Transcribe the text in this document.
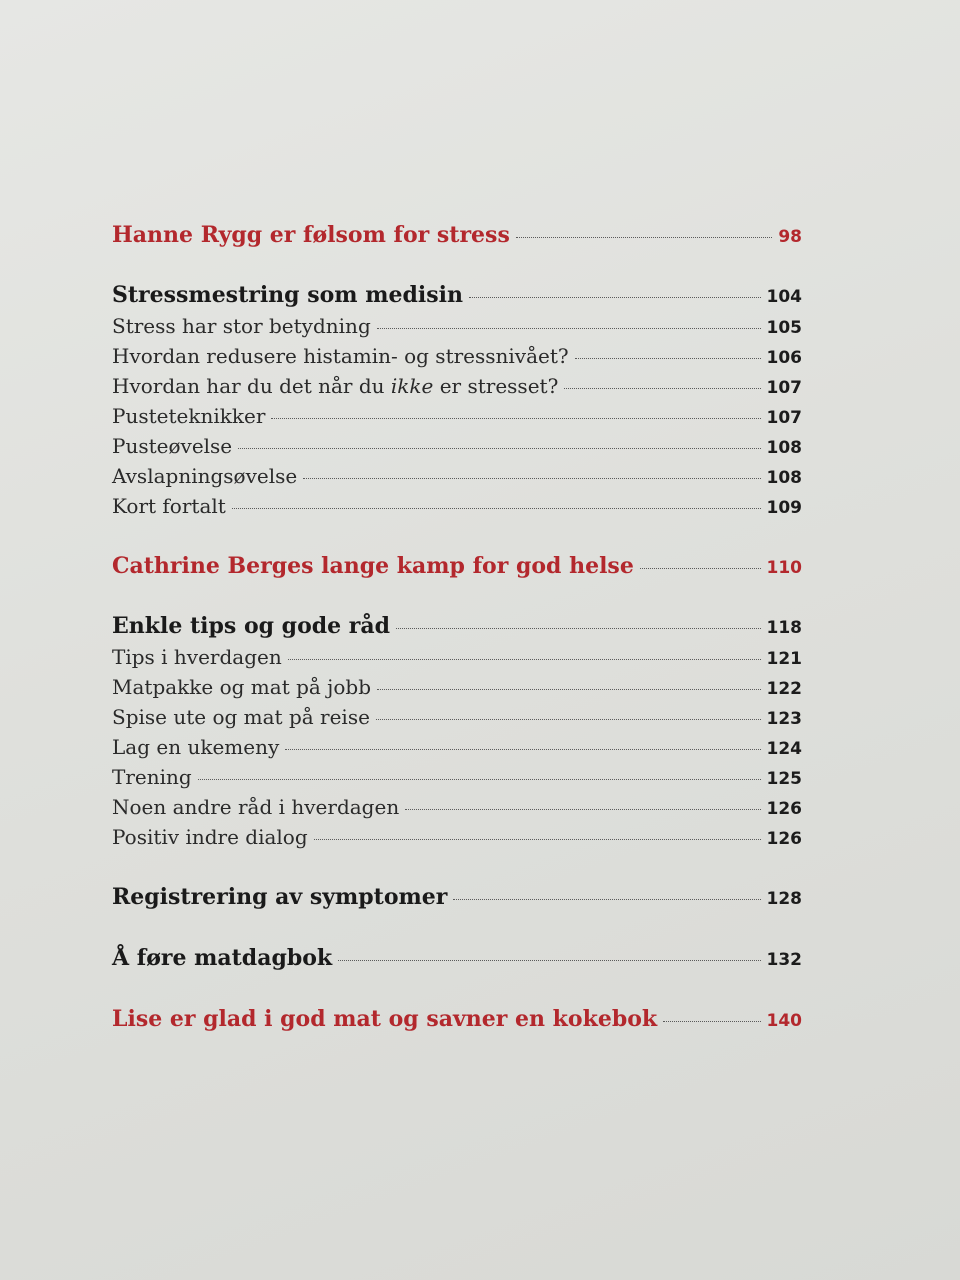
Hanne Rygg er følsom for stress	98
Stressmestring som medisin	104
Stress har stor betydning	105
Hvordan redusere histamin- og stressnivået?	106
Hvordan har du det når du ikke er stresset?	107
Pusteteknikker	107
Pusteøvelse	108
Avslapningsøvelse	108
Kort fortalt	109
Cathrine Berges lange kamp for god helse	110
Enkle tips og gode råd	118
Tips i hverdagen	121
Matpakke og mat på jobb	122
Spise ute og mat på reise	123
Lag en ukemeny	124
Trening	125
Noen andre råd i hverdagen	126
Positiv indre dialog	126
Registrering av symptomer	128
Å føre matdagbok	132
Lise er glad i god mat og savner en kokebok	140
